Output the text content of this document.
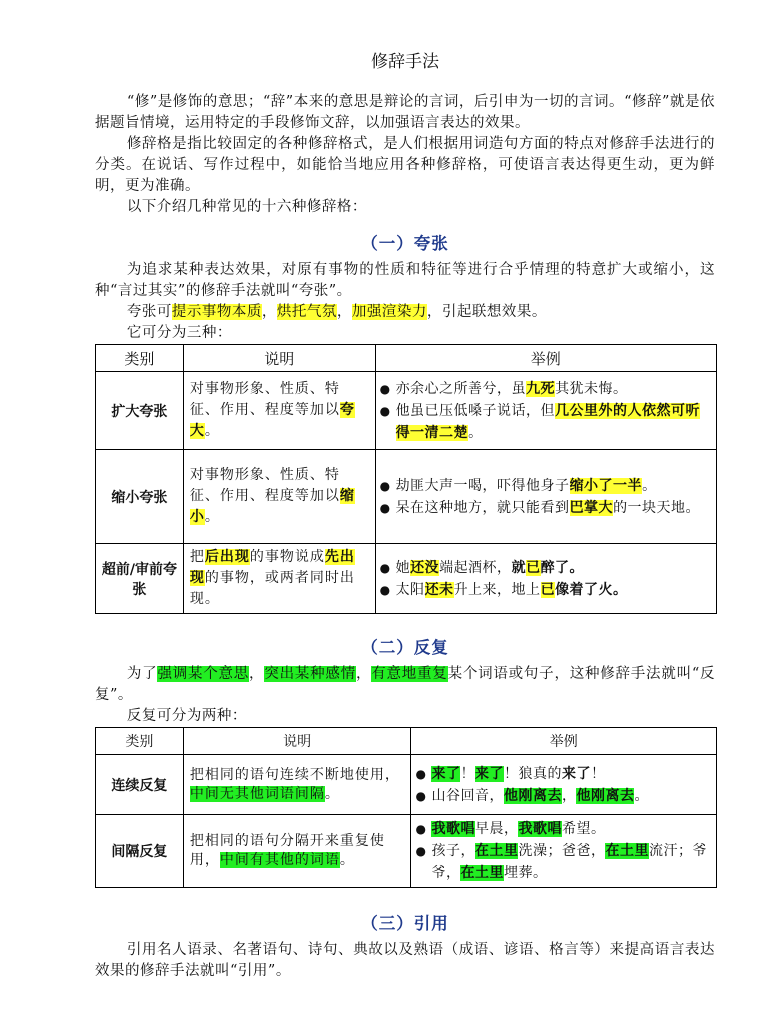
修辞手法

“修”是修饰的意思；“辞”本来的意思是辩论的言词，后引申为一切的言词。“修辞”就是依据题旨情境，运用特定的手段修饰文辞，以加强语言表达的效果。

修辞格是指比较固定的各种修辞格式，是人们根据用词造句方面的特点对修辞手法进行的分类。在说话、写作过程中，如能恰当地应用各种修辞格，可使语言表达得更生动，更为鲜明，更为准确。

以下介绍几种常见的十六种修辞格：

（一）夸张

为追求某种表达效果，对原有事物的性质和特征等进行合乎情理的特意扩大或缩小，这种“言过其实”的修辞手法就叫“夸张”。

夸张可提示事物本质，烘托气氛，加强渲染力，引起联想效果。

它可分为三种：

类别	说明	举例
扩大夸张	对事物形象、性质、特征、作用、程度等加以夸大。	● 亦余心之所善兮，虽九死其犹未悔。
● 他虽已压低嗓子说话，但几公里外的人依然可听得一清二楚。

缩小夸张	对事物形象、性质、特征、作用、程度等加以缩小。	● 劫匪大声一喝，吓得他身子缩小了一半。
● 呆在这种地方，就只能看到巴掌大的一块天地。

超前/审前夸张	把后出现的事物说成先出现的事物，或两者同时出现。	● 她还没端起酒杯，就已醉了。
● 太阳还未升上来，地上已像着了火。
（二）反复

为了强调某个意思，突出某种感情，有意地重复某个词语或句子，这种修辞手法就叫“反复”。

反复可分为两种：

类别	说明	举例
连续反复	把相同的语句连续不断地使用，中间无其他词语间隔。	● 来了！来了！狼真的来了！
● 山谷回音，他刚离去，他刚离去。

间隔反复	把相同的语句分隔开来重复使用，中间有其他的词语。	● 我歌唱早晨，我歌唱希望。
● 孩子，在土里洗澡；爸爸，在土里流汗；爷爷，在土里埋葬。
（三）引用

引用名人语录、名著语句、诗句、典故以及熟语（成语、谚语、格言等）来提高语言表达效果的修辞手法就叫“引用”。
